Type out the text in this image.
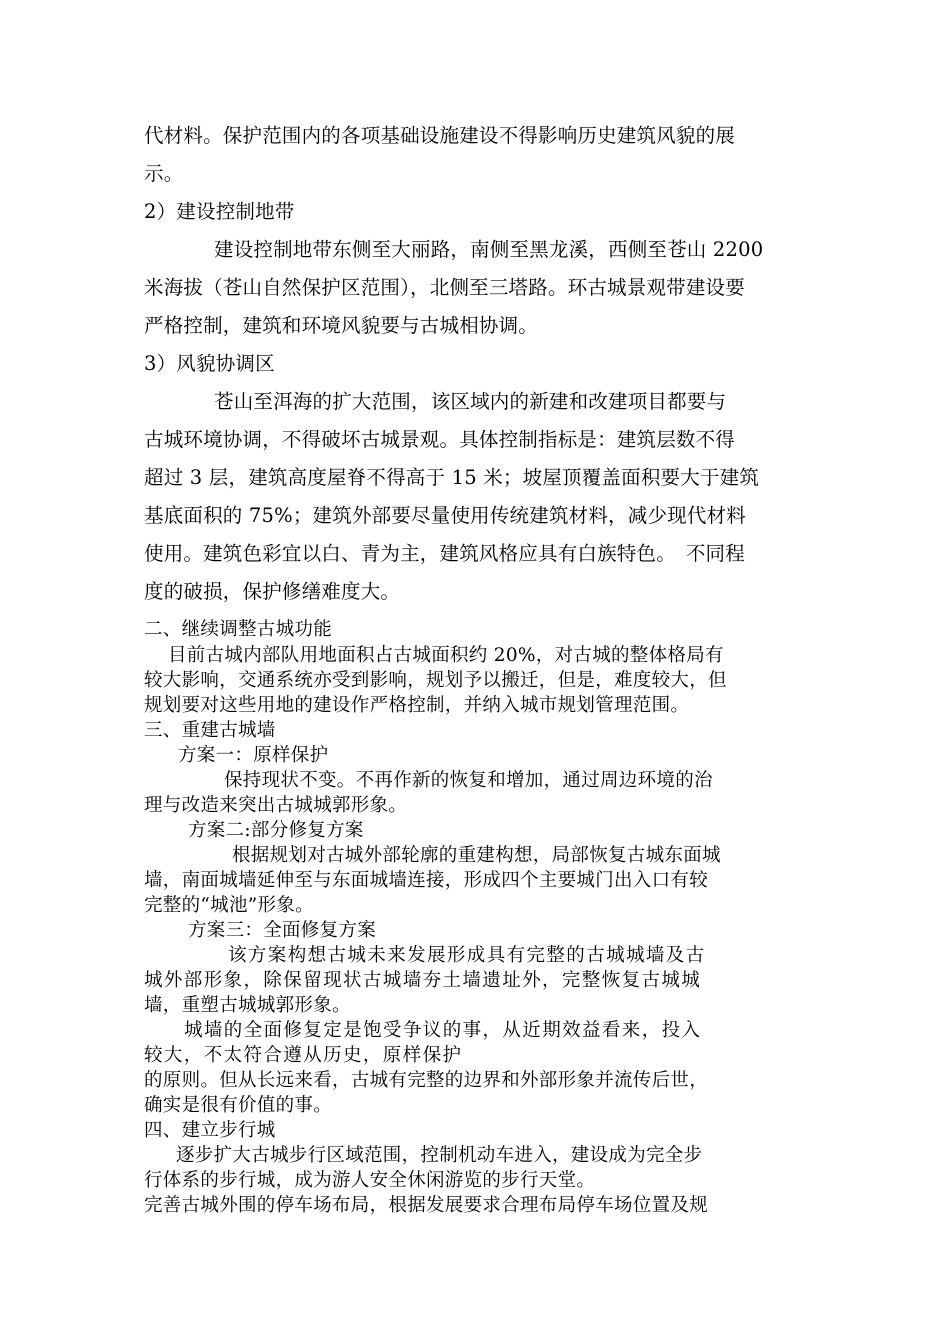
代材料。保护范围内的各项基础设施建设不得影响历史建筑风貌的展
示。
2）建设控制地带
建设控制地带东侧至大丽路，南侧至黑龙溪，西侧至苍山 2200
米海拔（苍山自然保护区范围），北侧至三塔路。环古城景观带建设要
严格控制，建筑和环境风貌要与古城相协调。
3）风貌协调区
苍山至洱海的扩大范围，该区域内的新建和改建项目都要与
古城环境协调，不得破坏古城景观。具体控制指标是：建筑层数不得
超过 3 层，建筑高度屋脊不得高于 15 米；坡屋顶覆盖面积要大于建筑
基底面积的 75%；建筑外部要尽量使用传统建筑材料，减少现代材料
使用。建筑色彩宜以白、青为主，建筑风格应具有白族特色。　不同程
度的破损，保护修缮难度大。
二、继续调整古城功能
目前古城内部队用地面积占古城面积约 20%，对古城的整体格局有
较大影响，交通系统亦受到影响，规划予以搬迁，但是，难度较大，但
规划要对这些用地的建设作严格控制，并纳入城市规划管理范围。
三、重建古城墙
方案一：原样保护
保持现状不变。不再作新的恢复和增加，通过周边环境的治
理与改造来突出古城城郭形象。
方案二:部分修复方案
根据规划对古城外部轮廓的重建构想，局部恢复古城东面城
墙，南面城墙延伸至与东面城墙连接，形成四个主要城门出入口有较
完整的“城池”形象。
方案三：全面修复方案
该方案构想古城未来发展形成具有完整的古城城墙及古
城外部形象，除保留现状古城墙夯土墙遗址外，完整恢复古城城
墙，重塑古城城郭形象。
城墙的全面修复定是饱受争议的事，从近期效益看来，投入
较大，不太符合遵从历史，原样保护
的原则。但从长远来看，古城有完整的边界和外部形象并流传后世，
确实是很有价值的事。
四、建立步行城
逐步扩大古城步行区域范围，控制机动车进入，建设成为完全步
行体系的步行城，成为游人安全休闲游览的步行天堂。
完善古城外围的停车场布局，根据发展要求合理布局停车场位置及规
